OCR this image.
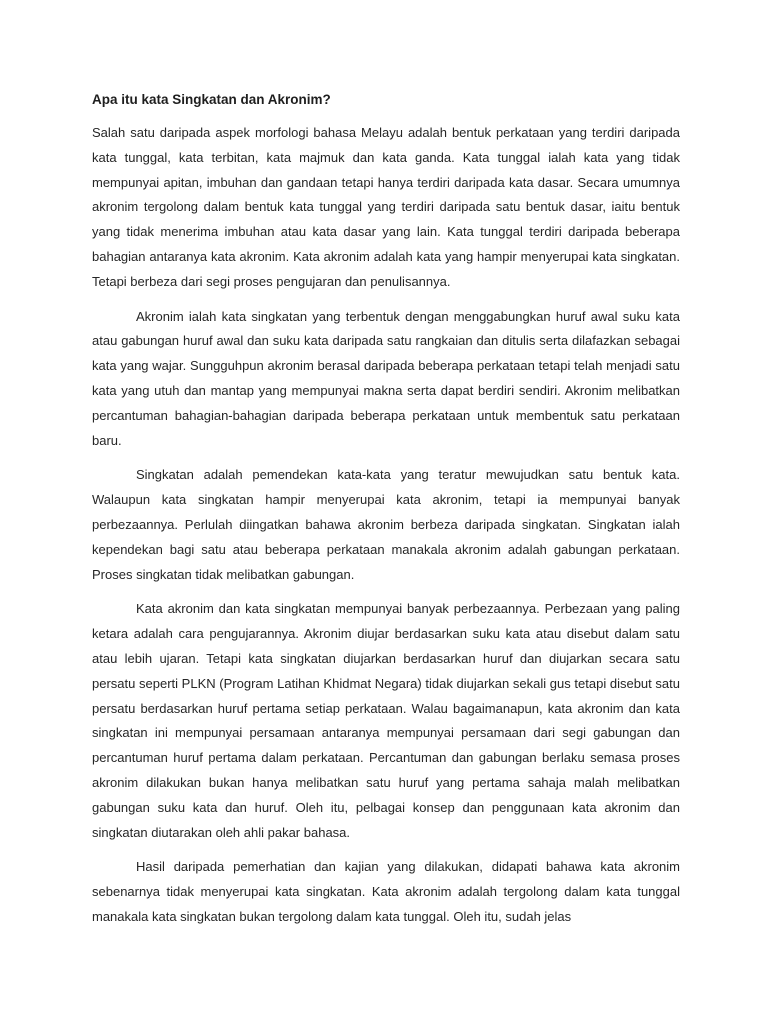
Apa itu kata Singkatan dan Akronim?

Salah satu daripada aspek morfologi bahasa Melayu adalah bentuk perkataan yang terdiri daripada kata tunggal, kata terbitan, kata majmuk dan kata ganda. Kata tunggal ialah kata yang tidak mempunyai apitan, imbuhan dan gandaan tetapi hanya terdiri daripada kata dasar. Secara umumnya akronim tergolong dalam bentuk kata tunggal yang terdiri daripada satu bentuk dasar, iaitu bentuk yang tidak menerima imbuhan atau kata dasar yang lain. Kata tunggal terdiri daripada beberapa bahagian antaranya kata akronim. Kata akronim adalah kata yang hampir menyerupai kata singkatan. Tetapi berbeza dari segi proses pengujaran dan penulisannya.

Akronim ialah kata singkatan yang terbentuk dengan menggabungkan huruf awal suku kata atau gabungan huruf awal dan suku kata daripada satu rangkaian dan ditulis serta dilafazkan sebagai kata yang wajar. Sungguhpun akronim berasal daripada beberapa perkataan tetapi telah menjadi satu kata yang utuh dan mantap yang mempunyai makna serta dapat berdiri sendiri. Akronim melibatkan percantuman bahagian-bahagian daripada beberapa perkataan untuk membentuk satu perkataan baru.

Singkatan adalah pemendekan kata-kata yang teratur mewujudkan satu bentuk kata. Walaupun kata singkatan hampir menyerupai kata akronim, tetapi ia mempunyai banyak perbezaannya. Perlulah diingatkan bahawa akronim berbeza daripada singkatan. Singkatan ialah kependekan bagi satu atau beberapa perkataan manakala akronim adalah gabungan perkataan. Proses singkatan tidak melibatkan gabungan.

Kata akronim dan kata singkatan mempunyai banyak perbezaannya. Perbezaan yang paling ketara adalah cara pengujarannya. Akronim diujar berdasarkan suku kata atau disebut dalam satu atau lebih ujaran. Tetapi kata singkatan diujarkan berdasarkan huruf dan diujarkan secara satu persatu seperti PLKN (Program Latihan Khidmat Negara) tidak diujarkan sekali gus tetapi disebut satu persatu berdasarkan huruf pertama setiap perkataan. Walau bagaimanapun, kata akronim dan kata singkatan ini mempunyai persamaan antaranya mempunyai persamaan dari segi gabungan dan percantuman huruf pertama dalam perkataan. Percantuman dan gabungan berlaku semasa proses akronim dilakukan bukan hanya melibatkan satu huruf yang pertama sahaja malah melibatkan gabungan suku kata dan huruf. Oleh itu, pelbagai konsep dan penggunaan kata akronim dan singkatan diutarakan oleh ahli pakar bahasa.

Hasil daripada pemerhatian dan kajian yang dilakukan, didapati bahawa kata akronim sebenarnya tidak menyerupai kata singkatan. Kata akronim adalah tergolong dalam kata tunggal manakala kata singkatan bukan tergolong dalam kata tunggal. Oleh itu, sudah jelas
